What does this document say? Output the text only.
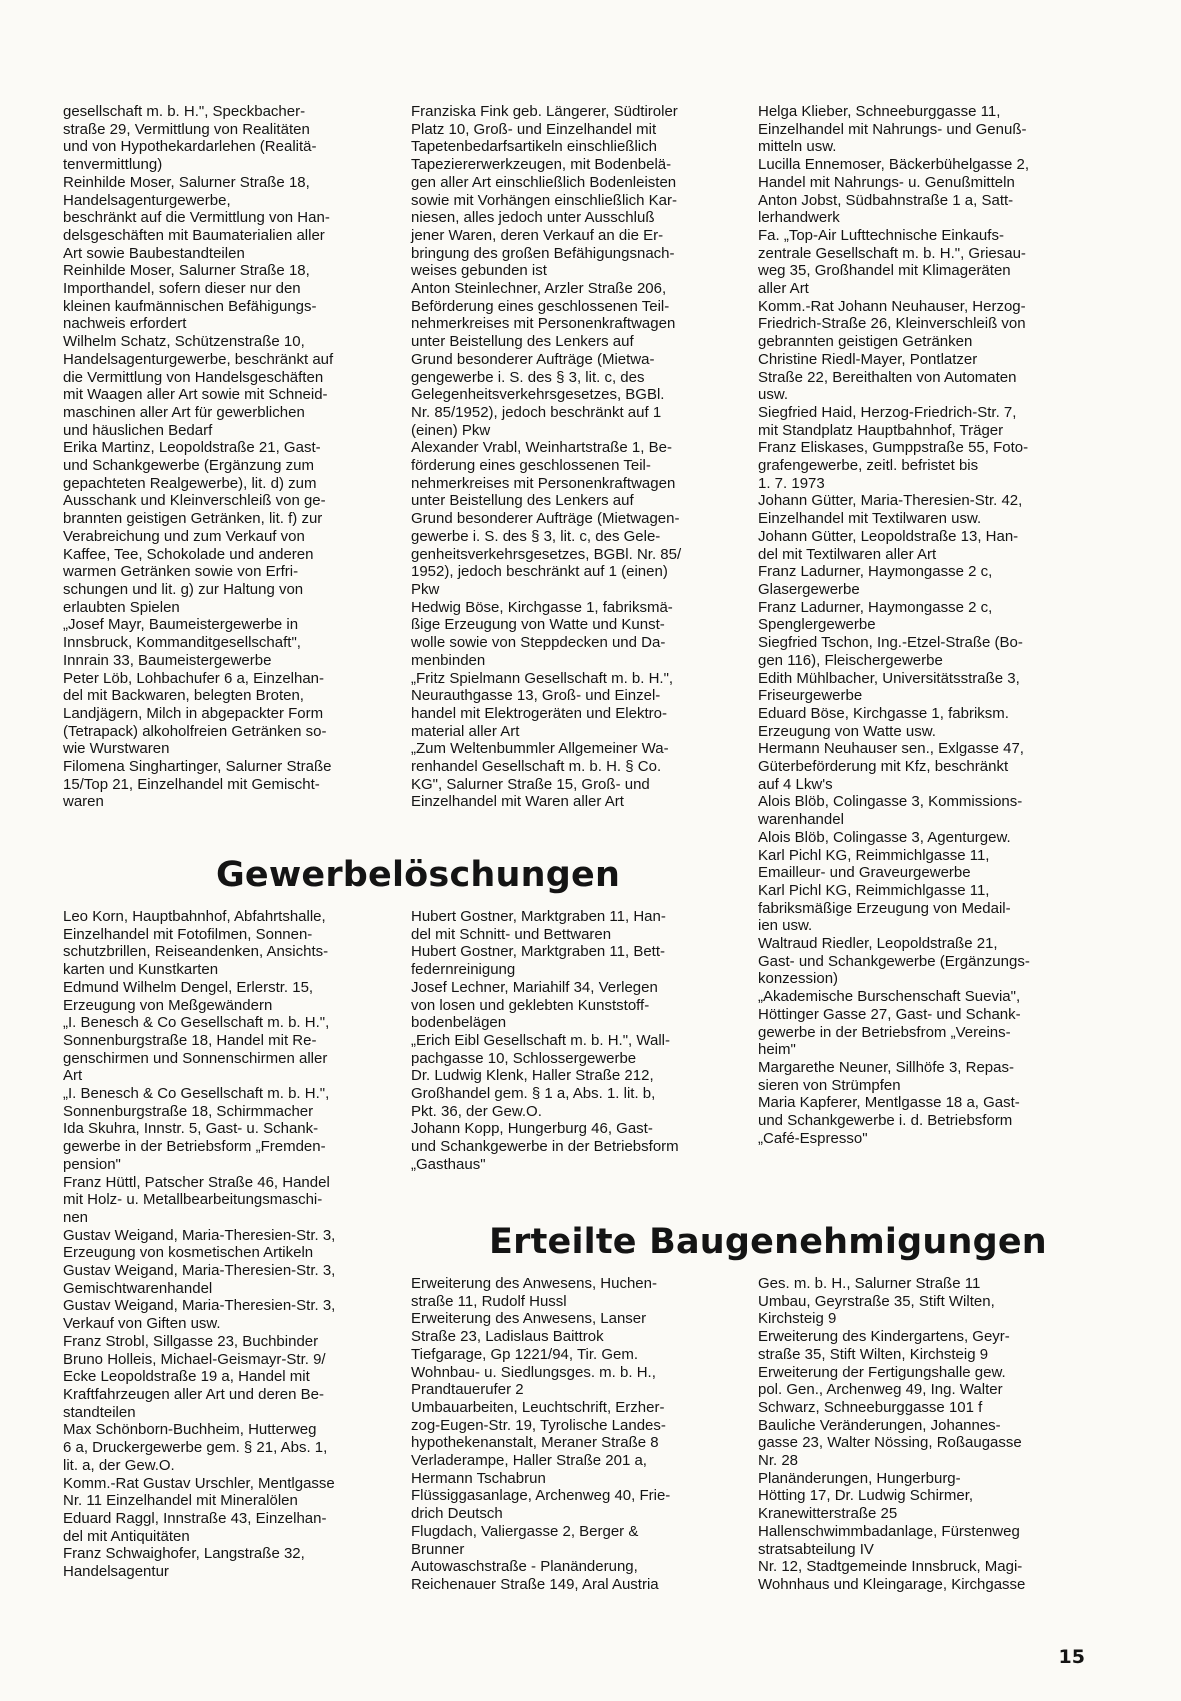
gesellschaft m. b. H.", Speckbacher-

straße 29, Vermittlung von Realitäten

und von Hypothekardarlehen (Realitä-

tenvermittlung)

Reinhilde Moser, Salurner Straße 18,

Handelsagenturgewerbe,

beschränkt auf die Vermittlung von Han-

delsgeschäften mit Baumaterialien aller

Art sowie Baubestandteilen

Reinhilde Moser, Salurner Straße 18,

Importhandel, sofern dieser nur den

kleinen kaufmännischen Befähigungs-

nachweis erfordert

Wilhelm Schatz, Schützenstraße 10,

Handelsagenturgewerbe, beschränkt auf

die Vermittlung von Handelsgeschäften

mit Waagen aller Art sowie mit Schneid-

maschinen aller Art für gewerblichen

und häuslichen Bedarf

Erika Martinz, Leopoldstraße 21, Gast-

und Schankgewerbe (Ergänzung zum

gepachteten Realgewerbe), lit. d) zum

Ausschank und Kleinverschleiß von ge-

brannten geistigen Getränken, lit. f) zur

Verabreichung und zum Verkauf von

Kaffee, Tee, Schokolade und anderen

warmen Getränken sowie von Erfri-

schungen und lit. g) zur Haltung von

erlaubten Spielen

„Josef Mayr, Baumeistergewerbe in

Innsbruck, Kommanditgesellschaft",

Innrain 33, Baumeistergewerbe

Peter Löb, Lohbachufer 6 a, Einzelhan-

del mit Backwaren, belegten Broten,

Landjägern, Milch in abgepackter Form

(Tetrapack) alkoholfreien Getränken so-

wie Wurstwaren

Filomena Singhartinger, Salurner Straße

15/Top 21, Einzelhandel mit Gemischt-

waren

Franziska Fink geb. Längerer, Südtiroler

Platz 10, Groß- und Einzelhandel mit

Tapetenbedarfsartikeln einschließlich

Tapeziererwerkzeugen, mit Bodenbelä-

gen aller Art einschließlich Bodenleisten

sowie mit Vorhängen einschließlich Kar-

niesen, alles jedoch unter Ausschluß

jener Waren, deren Verkauf an die Er-

bringung des großen Befähigungsnach-

weises gebunden ist

Anton Steinlechner, Arzler Straße 206,

Beförderung eines geschlossenen Teil-

nehmerkreises mit Personenkraftwagen

unter Beistellung des Lenkers auf

Grund besonderer Aufträge (Mietwa-

gengewerbe i. S. des § 3, lit. c, des

Gelegenheitsverkehrsgesetzes, BGBl.

Nr. 85/1952), jedoch beschränkt auf 1

(einen) Pkw

Alexander Vrabl, Weinhartstraße 1, Be-

förderung eines geschlossenen Teil-

nehmerkreises mit Personenkraftwagen

unter Beistellung des Lenkers auf

Grund besonderer Aufträge (Mietwagen-

gewerbe i. S. des § 3, lit. c, des Gele-

genheitsverkehrsgesetzes, BGBl. Nr. 85/

1952), jedoch beschränkt auf 1 (einen)

Pkw

Hedwig Böse, Kirchgasse 1, fabriksmä-

ßige Erzeugung von Watte und Kunst-

wolle sowie von Steppdecken und Da-

menbinden

„Fritz Spielmann Gesellschaft m. b. H.",

Neurauthgasse 13, Groß- und Einzel-

handel mit Elektrogeräten und Elektro-

material aller Art

„Zum Weltenbummler Allgemeiner Wa-

renhandel Gesellschaft m. b. H. § Co.

KG", Salurner Straße 15, Groß- und

Einzelhandel mit Waren aller Art

Helga Klieber, Schneeburggasse 11,

Einzelhandel mit Nahrungs- und Genuß-

mitteln usw.

Lucilla Ennemoser, Bäckerbühelgasse 2,

Handel mit Nahrungs- u. Genußmitteln

Anton Jobst, Südbahnstraße 1 a, Satt-

lerhandwerk

Fa. „Top-Air Lufttechnische Einkaufs-

zentrale Gesellschaft m. b. H.", Griesau-

weg 35, Großhandel mit Klimageräten

aller Art

Komm.-Rat Johann Neuhauser, Herzog-

Friedrich-Straße 26, Kleinverschleiß von

gebrannten geistigen Getränken

Christine Riedl-Mayer, Pontlatzer

Straße 22, Bereithalten von Automaten

usw.

Siegfried Haid, Herzog-Friedrich-Str. 7,

mit Standplatz Hauptbahnhof, Träger

Franz Eliskases, Gumppstraße 55, Foto-

grafengewerbe, zeitl. befristet bis

1. 7. 1973

Johann Gütter, Maria-Theresien-Str. 42,

Einzelhandel mit Textilwaren usw.

Johann Gütter, Leopoldstraße 13, Han-

del mit Textilwaren aller Art

Franz Ladurner, Haymongasse 2 c,

Glasergewerbe

Franz Ladurner, Haymongasse 2 c,

Spenglergewerbe

Siegfried Tschon, Ing.-Etzel-Straße (Bo-

gen 116), Fleischergewerbe

Edith Mühlbacher, Universitätsstraße 3,

Friseurgewerbe

Eduard Böse, Kirchgasse 1, fabriksm.

Erzeugung von Watte usw.

Hermann Neuhauser sen., Exlgasse 47,

Güterbeförderung mit Kfz, beschränkt

auf 4 Lkw's

Alois Blöb, Colingasse 3, Kommissions-

warenhandel

Alois Blöb, Colingasse 3, Agenturgew.

Karl Pichl KG, Reimmichlgasse 11,

Emailleur- und Graveurgewerbe

Karl Pichl KG, Reimmichlgasse 11,

fabriksmäßige Erzeugung von Medail-

ien usw.

Waltraud Riedler, Leopoldstraße 21,

Gast- und Schankgewerbe (Ergänzungs-

konzession)

„Akademische Burschenschaft Suevia",

Höttinger Gasse 27, Gast- und Schank-

gewerbe in der Betriebsfrom „Vereins-

heim"

Margarethe Neuner, Sillhöfe 3, Repas-

sieren von Strümpfen

Maria Kapferer, Mentlgasse 18 a, Gast-

und Schankgewerbe i. d. Betriebsform

„Café-Espresso"

Gewerbelöschungen

Leo Korn, Hauptbahnhof, Abfahrtshalle,

Einzelhandel mit Fotofilmen, Sonnen-

schutzbrillen, Reiseandenken, Ansichts-

karten und Kunstkarten

Edmund Wilhelm Dengel, Erlerstr. 15,

Erzeugung von Meßgewändern

„I. Benesch & Co Gesellschaft m. b. H.",

Sonnenburgstraße 18, Handel mit Re-

genschirmen und Sonnenschirmen aller

Art

„I. Benesch & Co Gesellschaft m. b. H.",

Sonnenburgstraße 18, Schirmmacher

Ida Skuhra, Innstr. 5, Gast- u. Schank-

gewerbe in der Betriebsform „Fremden-

pension"

Franz Hüttl, Patscher Straße 46, Handel

mit Holz- u. Metallbearbeitungsmaschi-

nen

Gustav Weigand, Maria-Theresien-Str. 3,

Erzeugung von kosmetischen Artikeln

Gustav Weigand, Maria-Theresien-Str. 3,

Gemischtwarenhandel

Gustav Weigand, Maria-Theresien-Str. 3,

Verkauf von Giften usw.

Franz Strobl, Sillgasse 23, Buchbinder

Bruno Holleis, Michael-Geismayr-Str. 9/

Ecke Leopoldstraße 19 a, Handel mit

Kraftfahrzeugen aller Art und deren Be-

standteilen

Max Schönborn-Buchheim, Hutterweg

6 a, Druckergewerbe gem. § 21, Abs. 1,

lit. a, der Gew.O.

Komm.-Rat Gustav Urschler, Mentlgasse

Nr. 11 Einzelhandel mit Mineralölen

Eduard Raggl, Innstraße 43, Einzelhan-

del mit Antiquitäten

Franz Schwaighofer, Langstraße 32,

Handelsagentur

Hubert Gostner, Marktgraben 11, Han-

del mit Schnitt- und Bettwaren

Hubert Gostner, Marktgraben 11, Bett-

federnreinigung

Josef Lechner, Mariahilf 34, Verlegen

von losen und geklebten Kunststoff-

bodenbelägen

„Erich Eibl Gesellschaft m. b. H.", Wall-

pachgasse 10, Schlossergewerbe

Dr. Ludwig Klenk, Haller Straße 212,

Großhandel gem. § 1 a, Abs. 1. lit. b,

Pkt. 36, der Gew.O.

Johann Kopp, Hungerburg 46, Gast-

und Schankgewerbe in der Betriebsform

„Gasthaus"

Erteilte Baugenehmigungen

Erweiterung des Anwesens, Huchen-

straße 11, Rudolf Hussl

Erweiterung des Anwesens, Lanser

Straße 23, Ladislaus Baittrok

Tiefgarage, Gp 1221/94, Tir. Gem.

Wohnbau- u. Siedlungsges. m. b. H.,

Prandtauerufer 2

Umbauarbeiten, Leuchtschrift, Erzher-

zog-Eugen-Str. 19, Tyrolische Landes-

hypothekenanstalt, Meraner Straße 8

Verladerampe, Haller Straße 201 a,

Hermann Tschabrun

Flüssiggasanlage, Archenweg 40, Frie-

drich Deutsch

Flugdach, Valiergasse 2, Berger &

Brunner

Autowaschstraße - Planänderung,

Reichenauer Straße 149, Aral Austria

Ges. m. b. H., Salurner Straße 11

Umbau, Geyrstraße 35, Stift Wilten,

Kirchsteig 9

Erweiterung des Kindergartens, Geyr-

straße 35, Stift Wilten, Kirchsteig 9

Erweiterung der Fertigungshalle gew.

pol. Gen., Archenweg 49, Ing. Walter

Schwarz, Schneeburggasse 101 f

Bauliche Veränderungen, Johannes-

gasse 23, Walter Nössing, Roßaugasse

Nr. 28

Planänderungen, Hungerburg-

Hötting 17, Dr. Ludwig Schirmer,

Kranewitterstraße 25

Hallenschwimmbadanlage, Fürstenweg

stratsabteilung IV

Nr. 12, Stadtgemeinde Innsbruck, Magi-

Wohnhaus und Kleingarage, Kirchgasse

15
